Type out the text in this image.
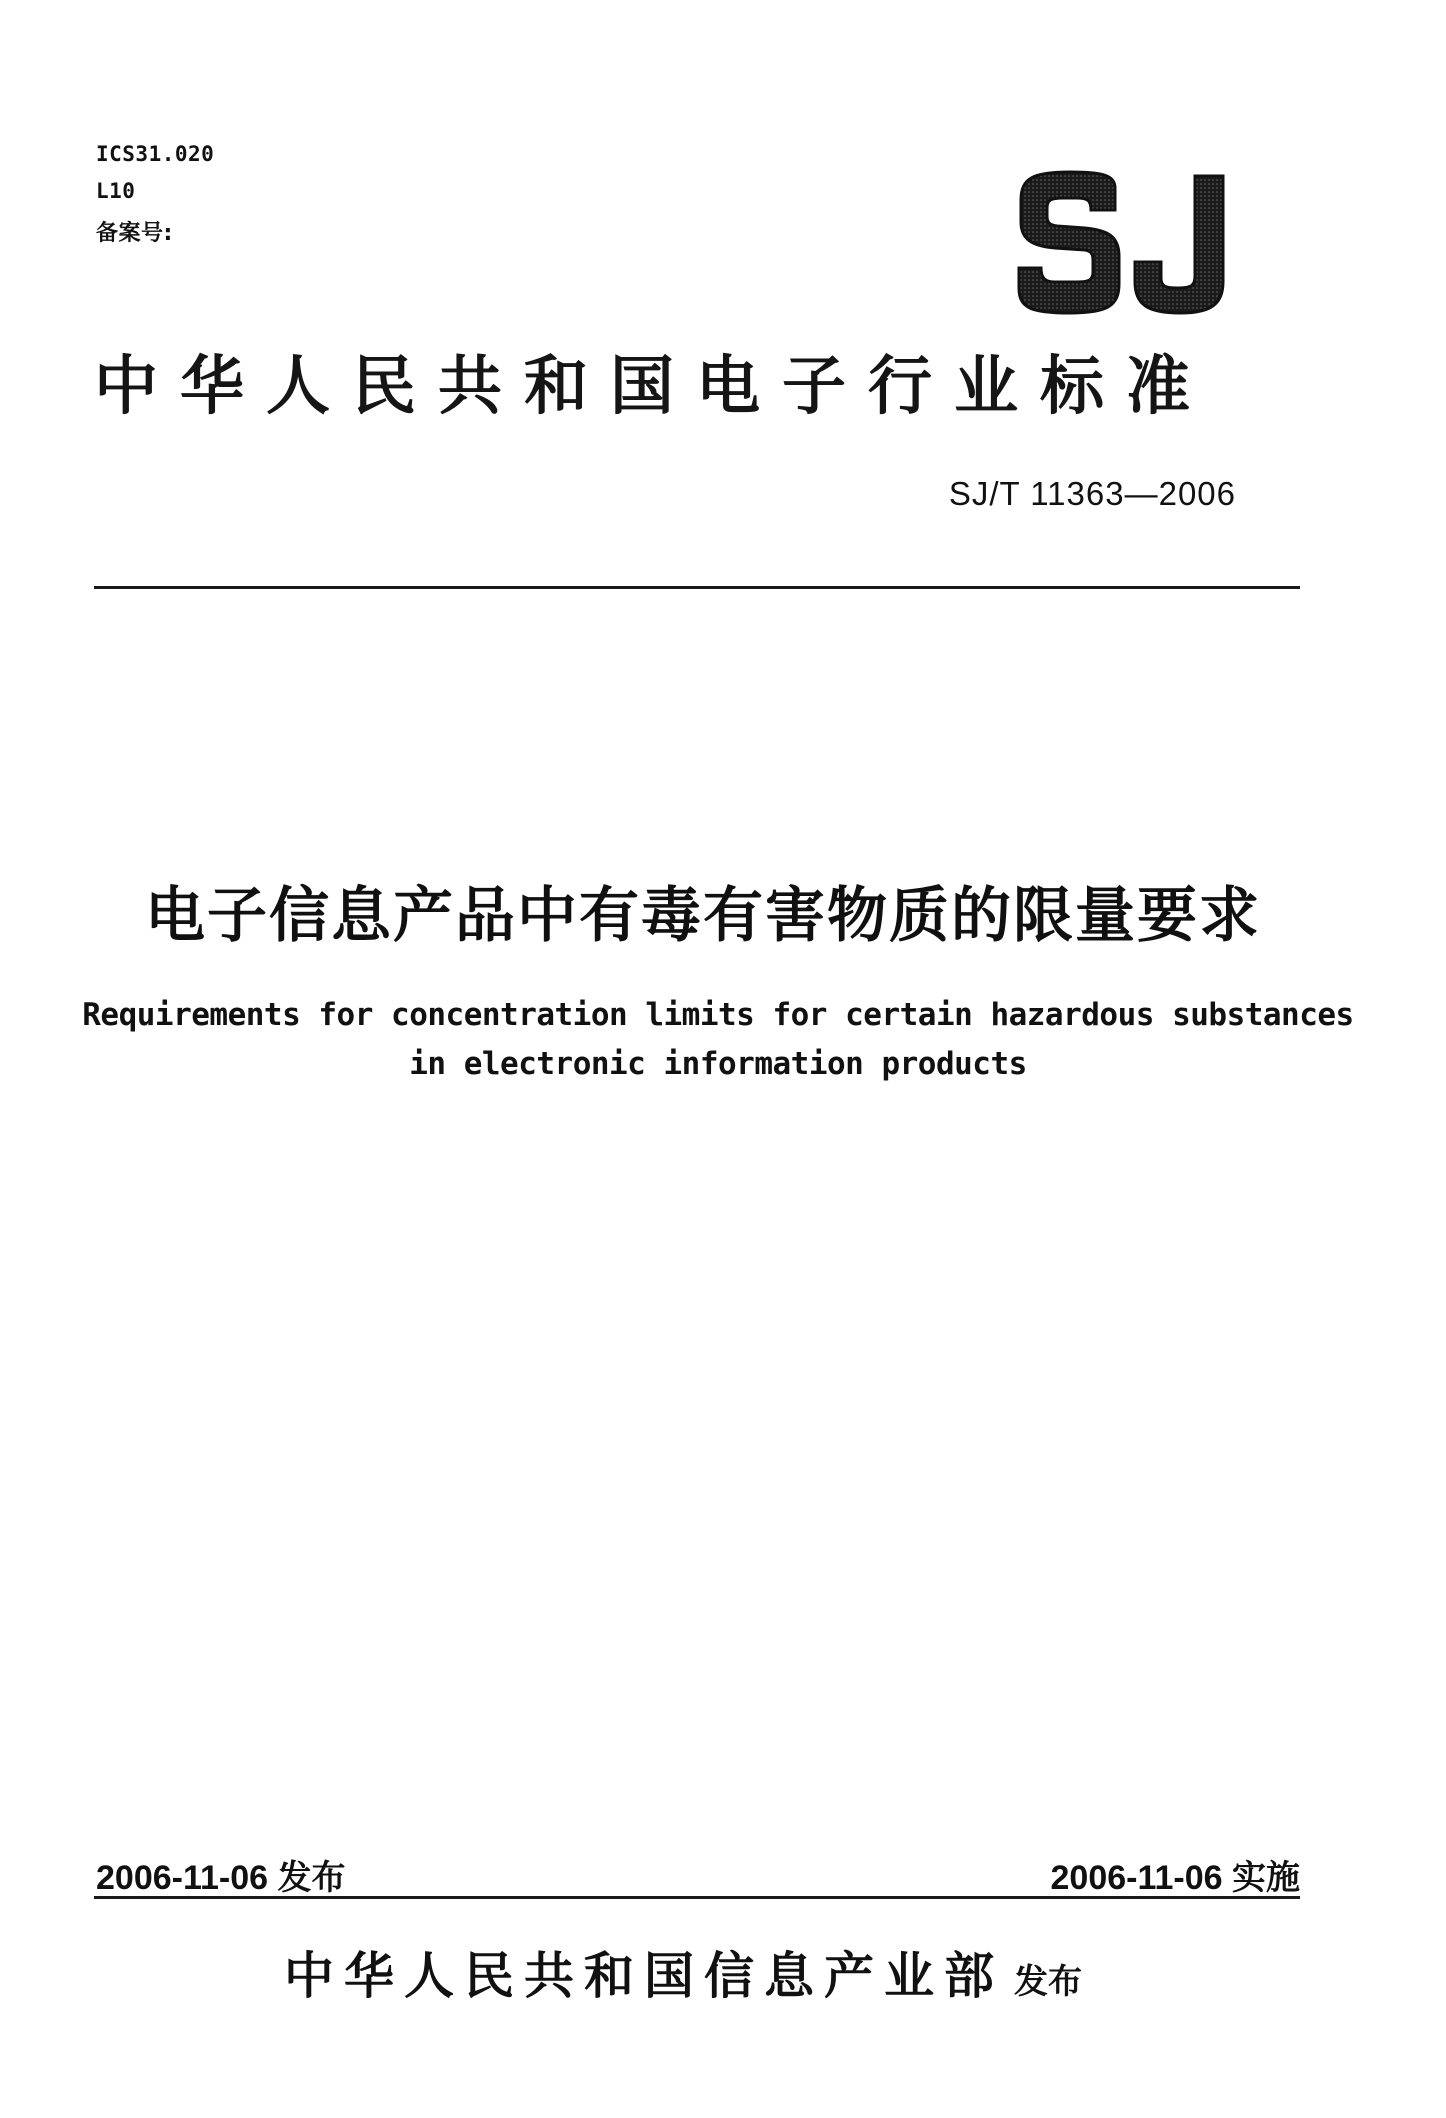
ICS31.020
L10
备案号:
中华人民共和国电子行业标准
SJ/T 11363—2006
电子信息产品中有毒有害物质的限量要求
Requirements for concentration limits for certain hazardous substances
in electronic information products
2006-11-06 发布	2006-11-06 实施
中华人民共和国信息产业部 发布
